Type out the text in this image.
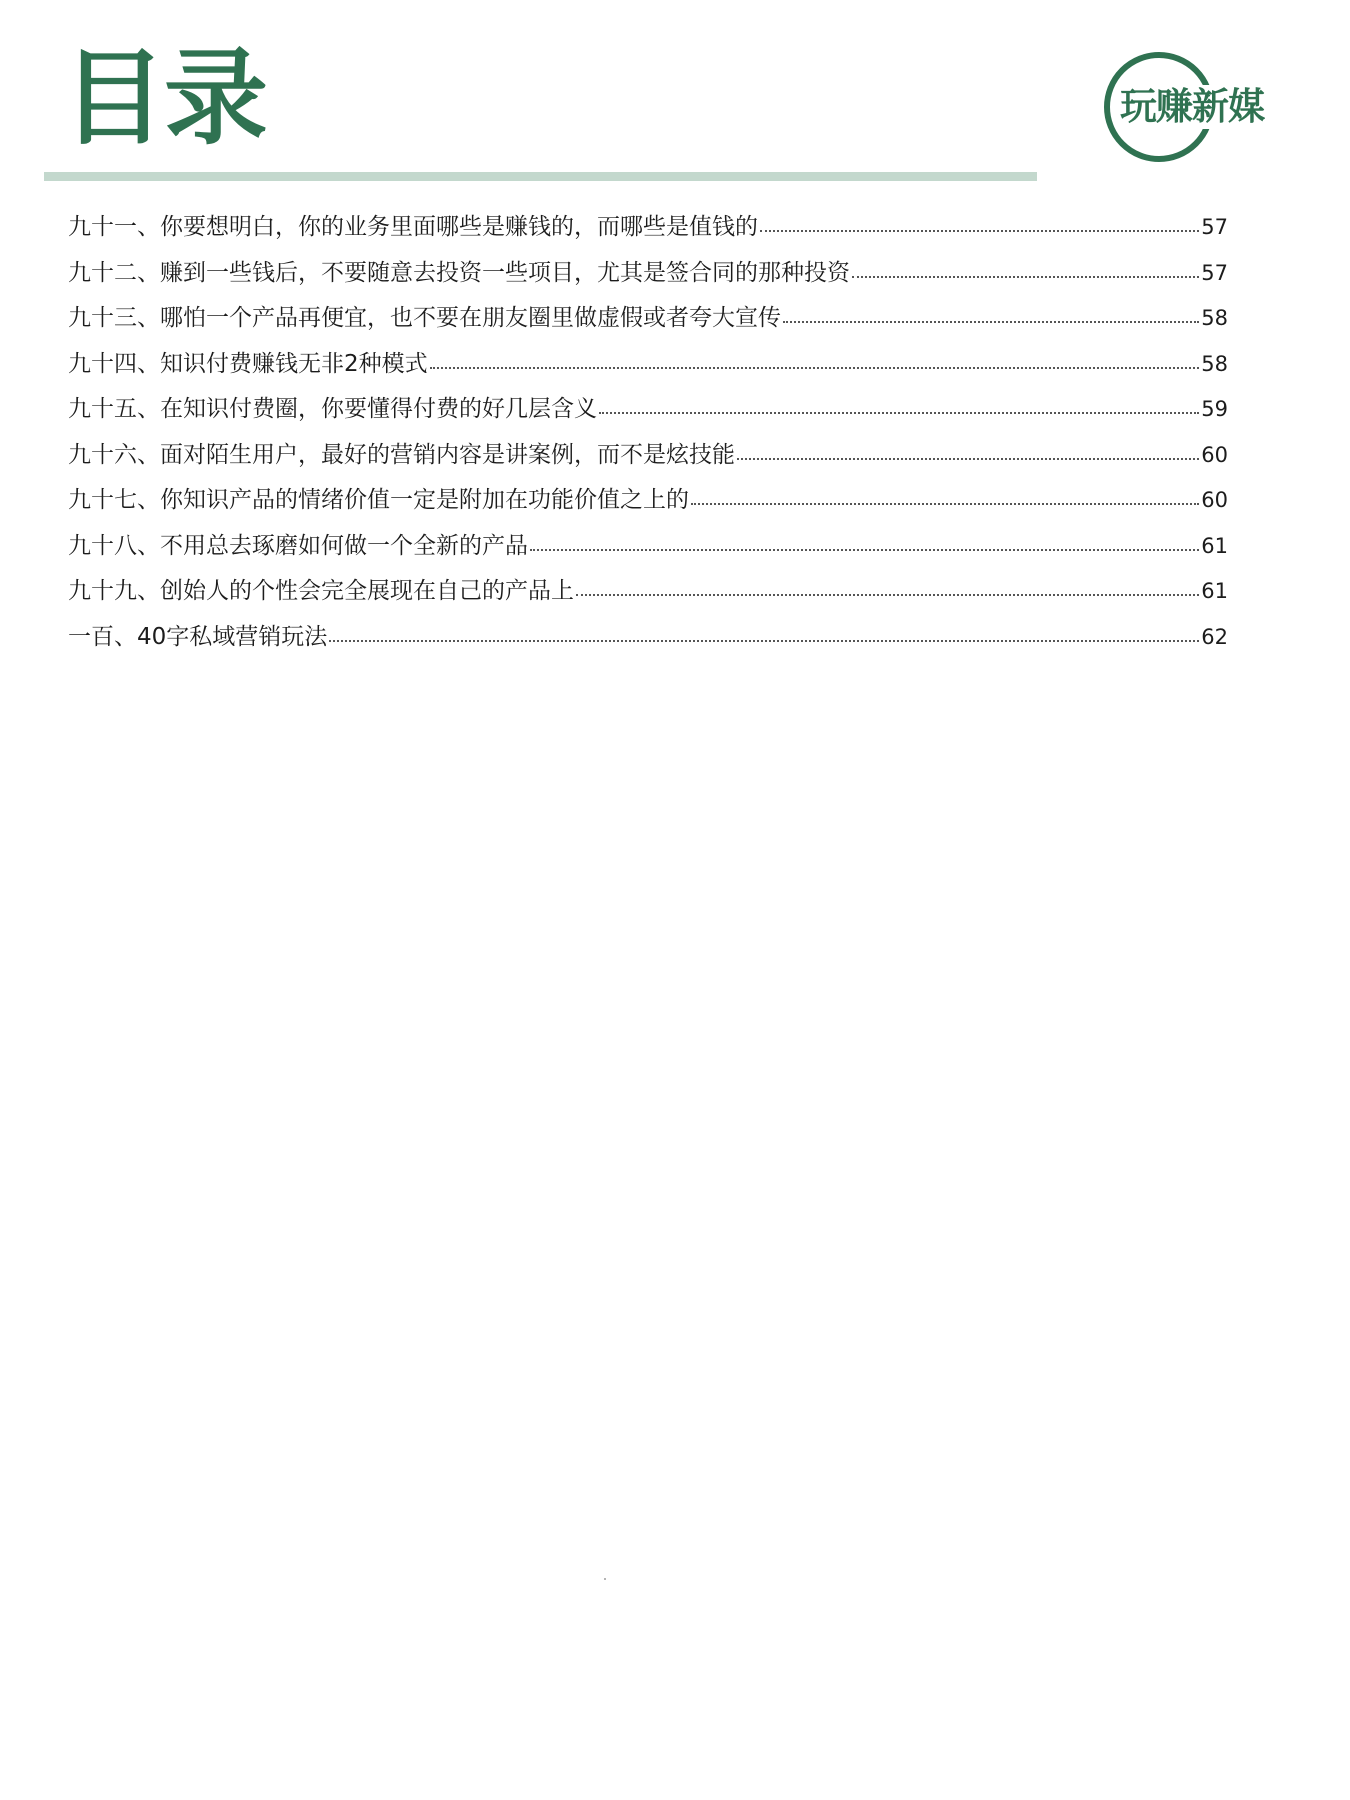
目录	玩赚新媒
九十一、你要想明白，你的业务里面哪些是赚钱的，而哪些是值钱的	57
九十二、赚到一些钱后，不要随意去投资一些项目，尤其是签合同的那种投资	57
九十三、哪怕一个产品再便宜，也不要在朋友圈里做虚假或者夸大宣传	58
九十四、知识付费赚钱无非2种模式	58
九十五、在知识付费圈，你要懂得付费的好几层含义	59
九十六、面对陌生用户，最好的营销内容是讲案例，而不是炫技能	60
九十七、你知识产品的情绪价值一定是附加在功能价值之上的	60
九十八、不用总去琢磨如何做一个全新的产品	61
九十九、创始人的个性会完全展现在自己的产品上	61
一百、40字私域营销玩法	62
